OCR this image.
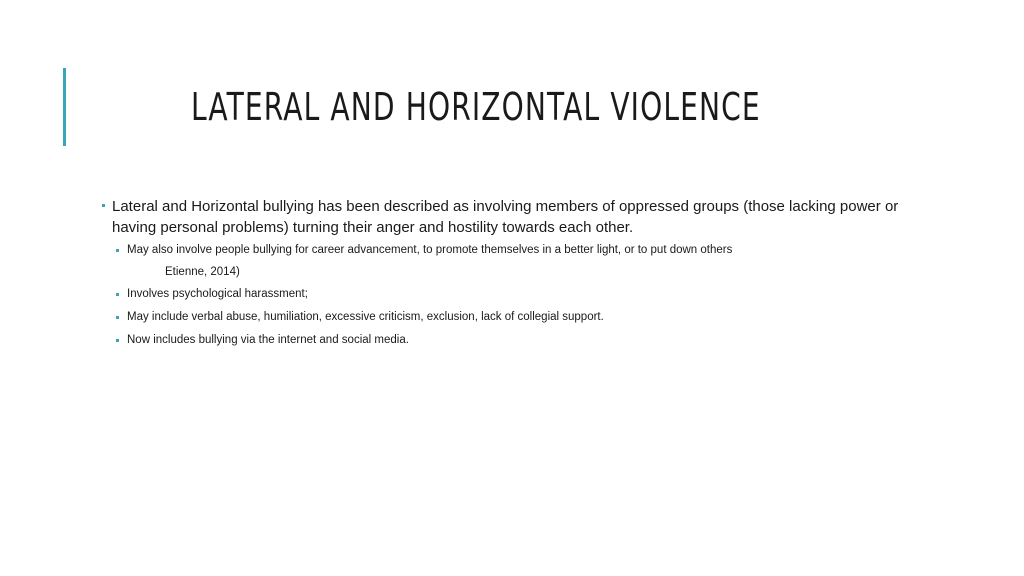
LATERAL AND HORIZONTAL VIOLENCE
Lateral and Horizontal bullying has been described as involving members of oppressed groups (those lacking power or having personal problems) turning their anger and hostility towards each other.
May also involve people bullying for career advancement, to promote themselves in a better light, or to put down others
Etienne, 2014)
Involves psychological harassment;
May include verbal abuse, humiliation, excessive criticism, exclusion, lack of collegial support.
Now includes bullying via the internet and social media.
